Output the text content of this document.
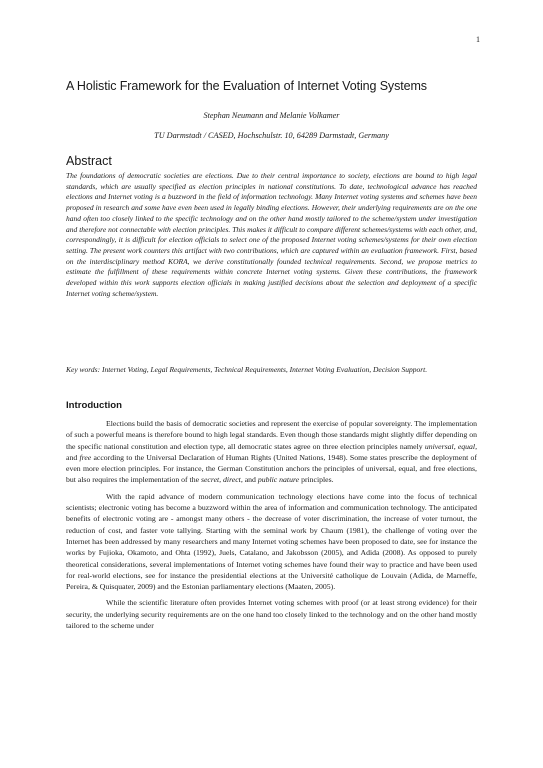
1
A Holistic Framework for the Evaluation of Internet Voting Systems
Stephan Neumann and Melanie Volkamer
TU Darmstadt / CASED, Hochschulstr. 10, 64289 Darmstadt, Germany
Abstract

The foundations of democratic societies are elections. Due to their central importance to society, elections are bound to high legal standards, which are usually specified as election principles in national constitutions. To date, technological advance has reached elections and Internet voting is a buzzword in the field of information technology. Many Internet voting systems and schemes have been proposed in research and some have even been used in legally binding elections. However, their underlying requirements are on the one hand often too closely linked to the specific technology and on the other hand mostly tailored to the scheme/system under investigation and therefore not connectable with election principles. This makes it difficult to compare different schemes/systems with each other, and, correspondingly, it is difficult for election officials to select one of the proposed Internet voting schemes/systems for their own election setting. The present work counters this artifact with two contributions, which are captured within an evaluation framework. First, based on the interdisciplinary method KORA, we derive constitutionally founded technical requirements. Second, we propose metrics to estimate the fulfillment of these requirements within concrete Internet voting systems. Given these contributions, the framework developed within this work supports election officials in making justified decisions about the selection and deployment of a specific Internet voting scheme/system.

Key words: Internet Voting, Legal Requirements, Technical Requirements, Internet Voting Evaluation, Decision Support.

Introduction

Elections build the basis of democratic societies and represent the exercise of popular sovereignty. The implementation of such a powerful means is therefore bound to high legal standards. Even though those standards might slightly differ depending on the specific national constitution and election type, all democratic states agree on three election principles namely universal, equal, and free according to the Universal Declaration of Human Rights (United Nations, 1948). Some states prescribe the deployment of even more election principles. For instance, the German Constitution anchors the principles of universal, equal, and free elections, but also requires the implementation of the secret, direct, and public nature principles.

With the rapid advance of modern communication technology elections have come into the focus of technical scientists; electronic voting has become a buzzword within the area of information and communication technology. The anticipated benefits of electronic voting are - amongst many others - the decrease of voter discrimination, the increase of voter turnout, the reduction of cost, and faster vote tallying. Starting with the seminal work by Chaum (1981), the challenge of voting over the Internet has been addressed by many researchers and many Internet voting schemes have been proposed to date, see for instance the works by Fujioka, Okamoto, and Ohta (1992), Juels, Catalano, and Jakobsson (2005), and Adida (2008). As opposed to purely theoretical considerations, several implementations of Internet voting schemes have found their way to practice and have been used for real-world elections, see for instance the presidential elections at the Université catholique de Louvain (Adida, de Marneffe, Pereira, & Quisquater, 2009) and the Estonian parliamentary elections (Maaten, 2005).

While the scientific literature often provides Internet voting schemes with proof (or at least strong evidence) for their security, the underlying security requirements are on the one hand too closely linked to the technology and on the other hand mostly tailored to the scheme under
